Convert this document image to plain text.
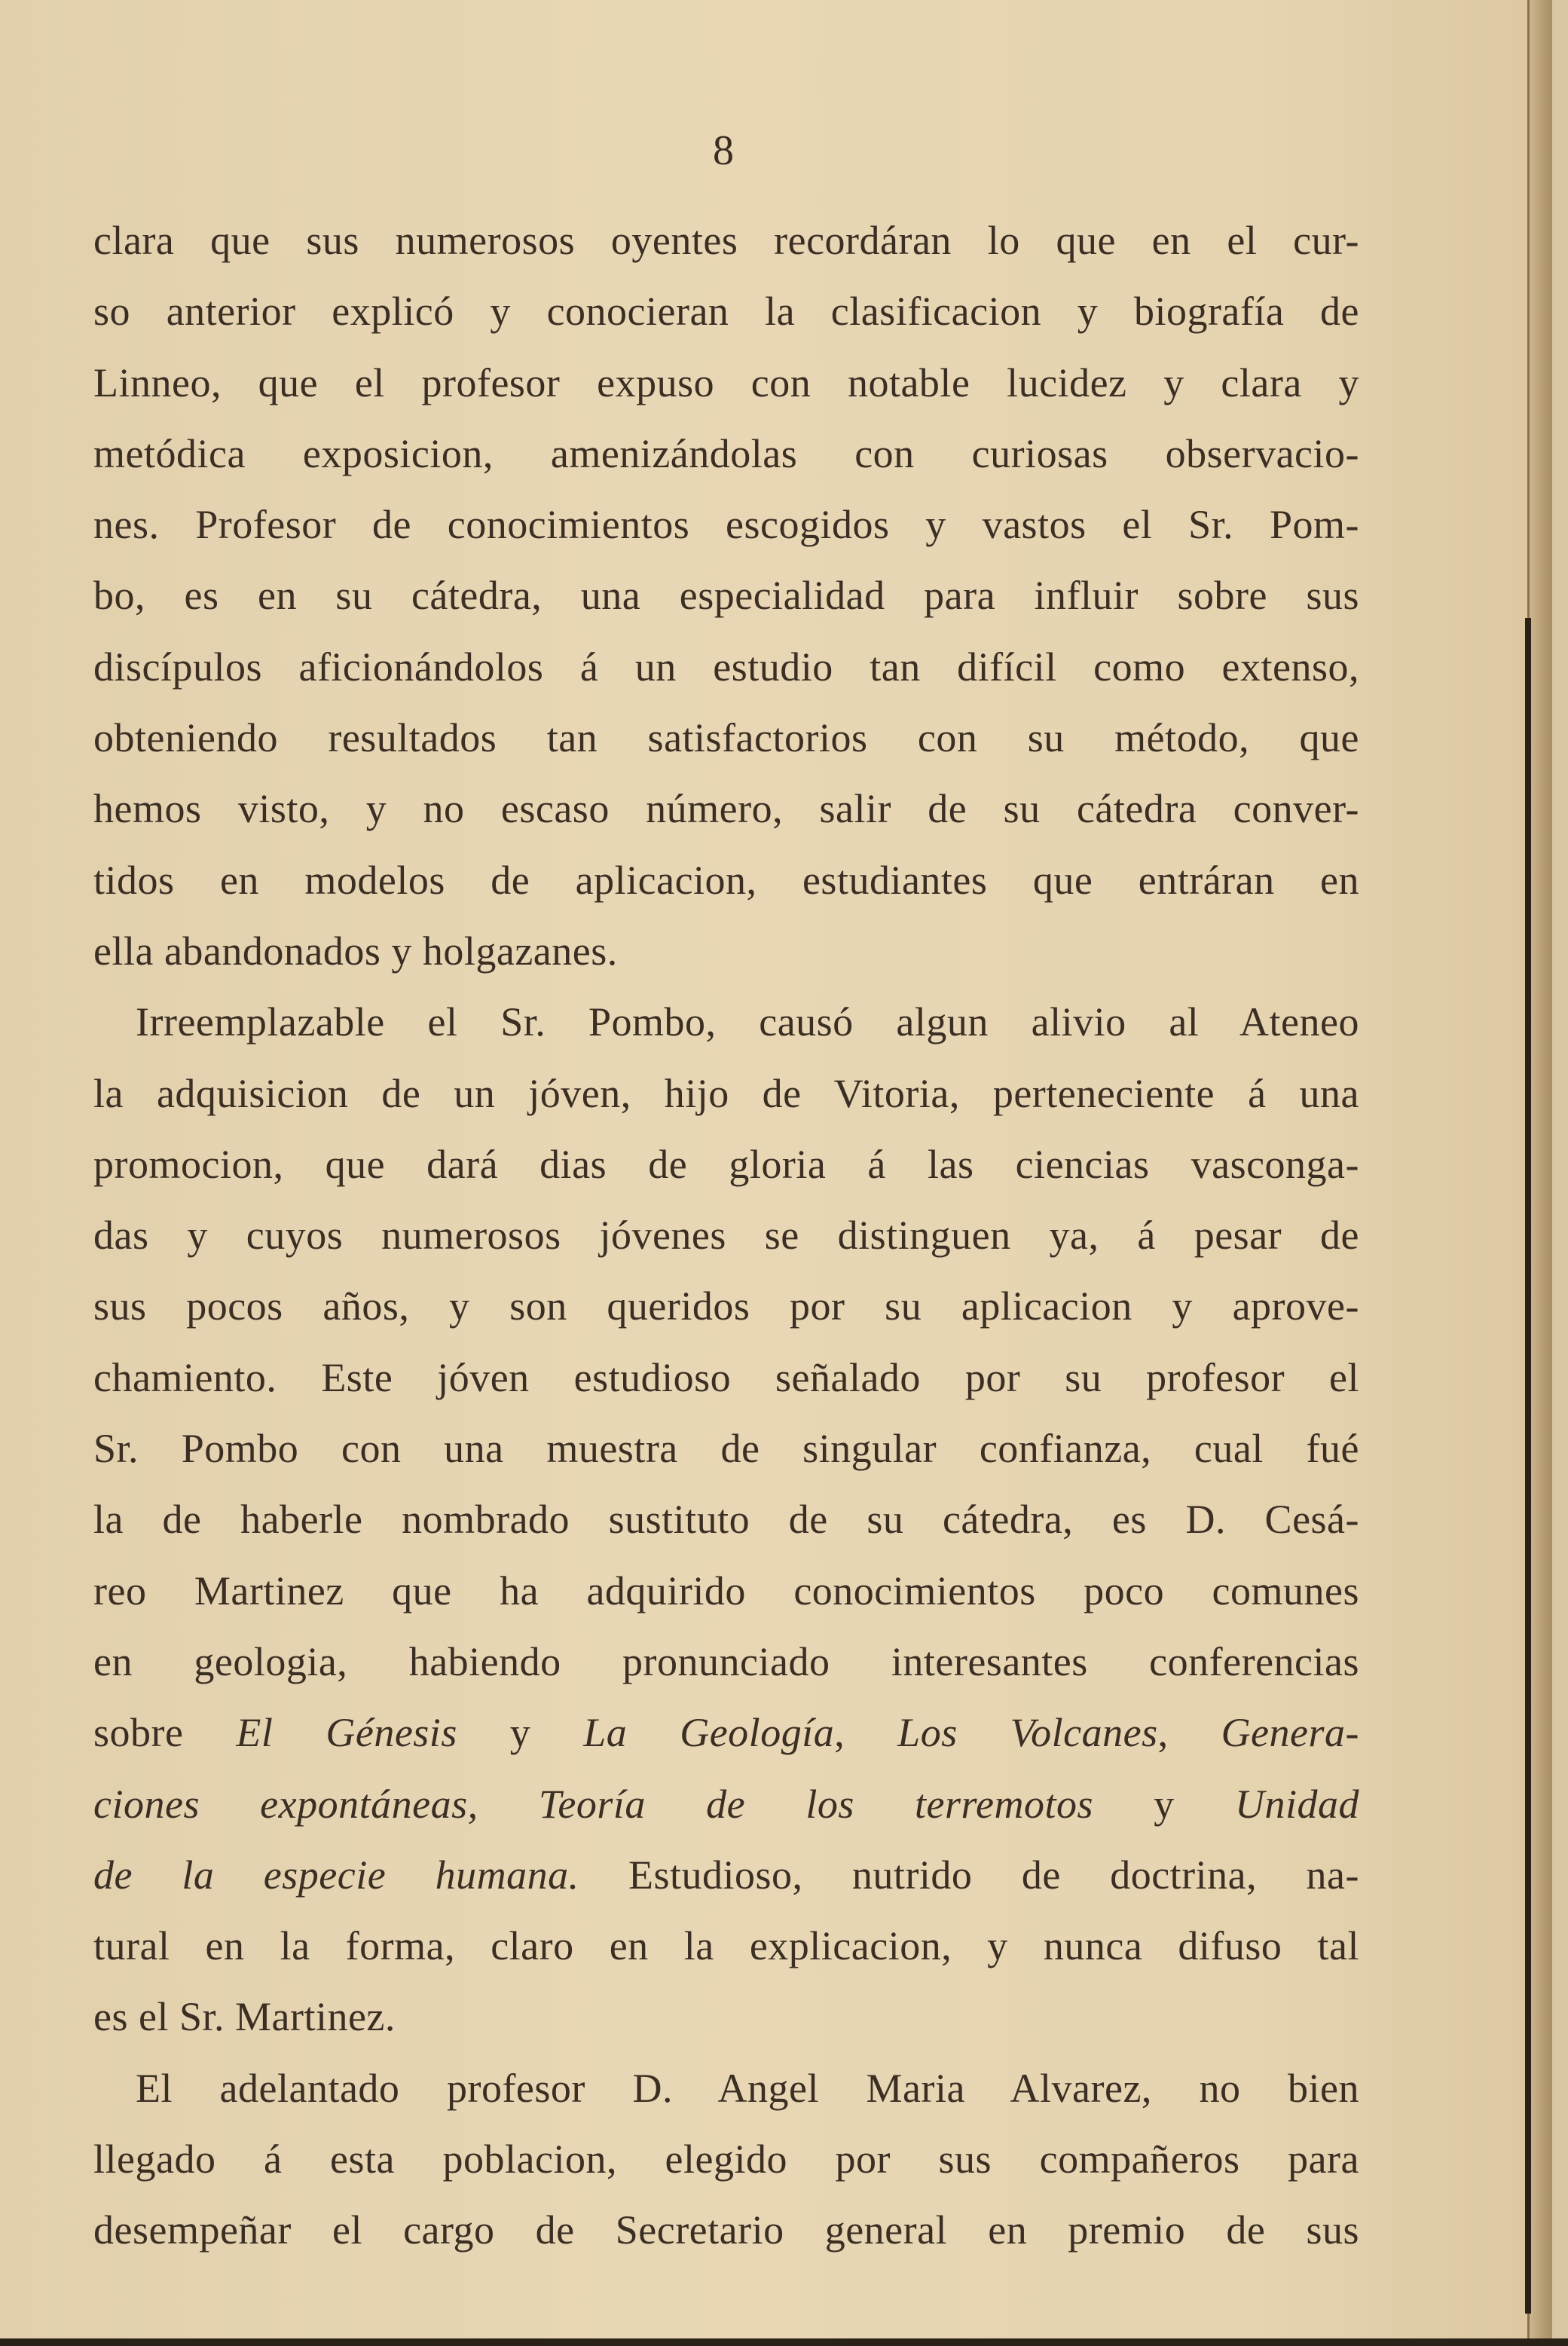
8
clara que sus numerosos oyentes recordáran lo que en el cur-
so anterior explicó y conocieran la clasificacion y biografía de
Linneo, que el profesor expuso con notable lucidez y clara y
metódica exposicion, amenizándolas con curiosas observacio-
nes. Profesor de conocimientos escogidos y vastos el Sr. Pom-
bo, es en su cátedra, una especialidad para influir sobre sus
discípulos aficionándolos á un estudio tan difícil como extenso,
obteniendo resultados tan satisfactorios con su método, que
hemos visto, y no escaso número, salir de su cátedra conver-
tidos en modelos de aplicacion, estudiantes que entráran en
ella abandonados y holgazanes.
Irreemplazable el Sr. Pombo, causó algun alivio al Ateneo
la adquisicion de un jóven, hijo de Vitoria, perteneciente á una
promocion, que dará dias de gloria á las ciencias vasconga-
das y cuyos numerosos jóvenes se distinguen ya, á pesar de
sus pocos años, y son queridos por su aplicacion y aprove-
chamiento. Este jóven estudioso señalado por su profesor el
Sr. Pombo con una muestra de singular confianza, cual fué
la de haberle nombrado sustituto de su cátedra, es D. Cesá-
reo Martinez que ha adquirido conocimientos poco comunes
en geologia, habiendo pronunciado interesantes conferencias
sobre El Génesis y La Geología, Los Volcanes, Genera-
ciones expontáneas, Teoría de los terremotos y Unidad
de la especie humana. Estudioso, nutrido de doctrina, na-
tural en la forma, claro en la explicacion, y nunca difuso tal
es el Sr. Martinez.
El adelantado profesor D. Angel Maria Alvarez, no bien
llegado á esta poblacion, elegido por sus compañeros para
desempeñar el cargo de Secretario general en premio de sus
